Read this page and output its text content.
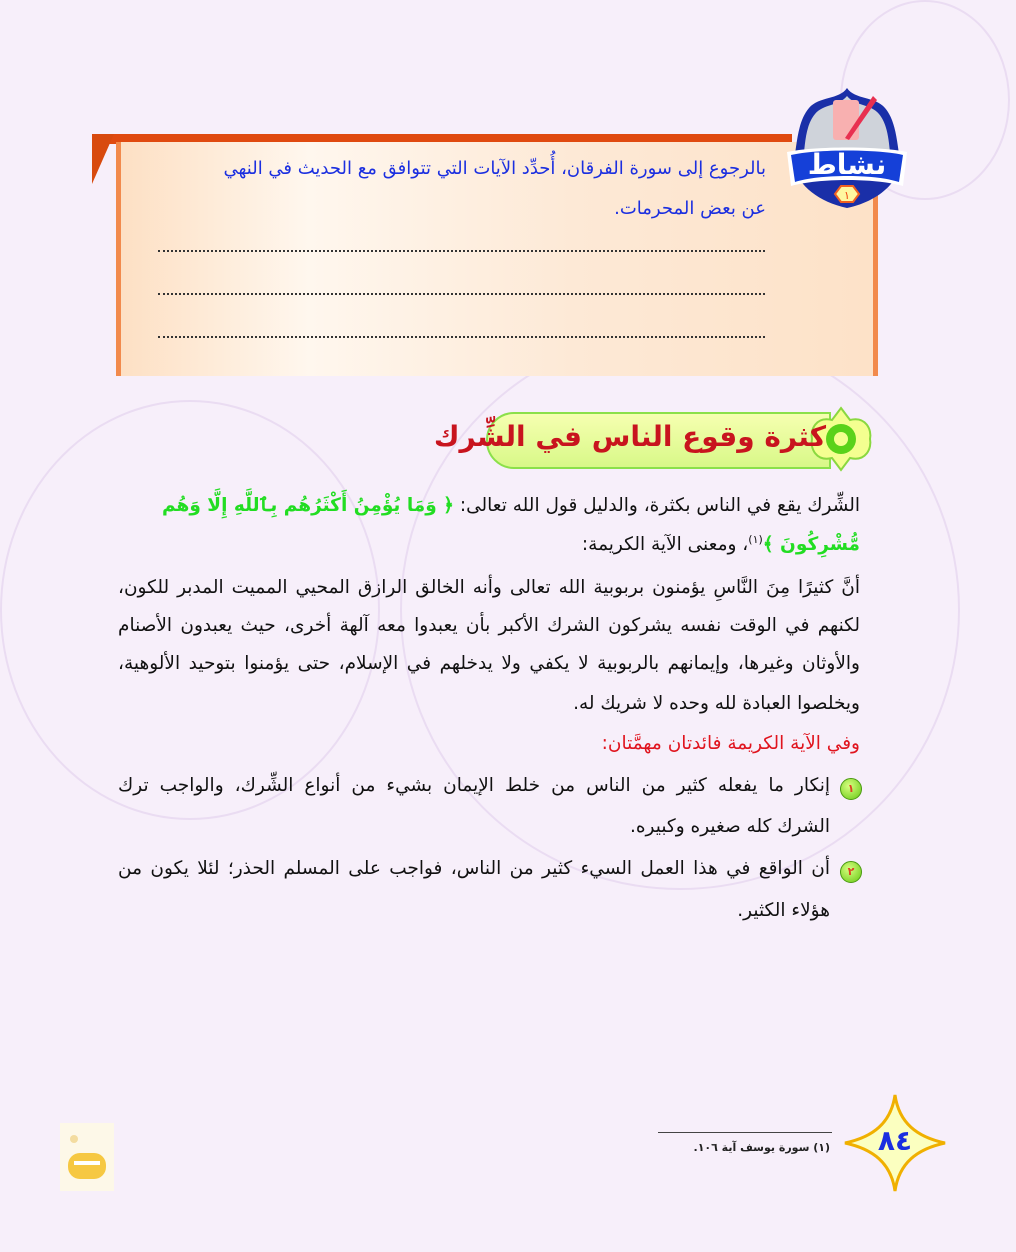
بالرجوع إلى سورة الفرقان، أُحدِّد الآيات التي تتوافق مع الحديث في النهي
عن بعض المحرمات.
نشاط
١
كثرة وقوع الناس في الشِّرك
الشِّرك يقع في الناس بكثرة، والدليل قول الله تعالى: ﴿ وَمَا يُؤْمِنُ أَكْثَرُهُم بِٱللَّهِ إِلَّا وَهُم
مُّشْرِكُونَ ﴾$^{(١)}$، ومعنى الآية الكريمة:
أنَّ كثيرًا مِنَ النَّاسِ يؤمنون بربوبية الله تعالى وأنه الخالق الرازق المحيي المميت المدبر للكون،
لكنهم في الوقت نفسه يشركون الشرك الأكبر بأن يعبدوا معه آلهة أخرى، حيث يعبدون الأصنام
والأوثان وغيرها، وإيمانهم بالربوبية لا يكفي ولا يدخلهم في الإسلام، حتى يؤمنوا بتوحيد الألوهية،
ويخلصوا العبادة لله وحده لا شريك له.
وفي الآية الكريمة فائدتان مهمَّتان:
١
إنكار ما يفعله كثير من الناس من خلط الإيمان بشيء من أنواع الشِّرك، والواجب ترك
الشرك كله صغيره وكبيره.
٢
أن الواقع في هذا العمل السيء كثير من الناس، فواجب على المسلم الحذر؛ لئلا يكون من
هؤلاء الكثير.
(١) سورة يوسف آية ١٠٦.	٨٤
